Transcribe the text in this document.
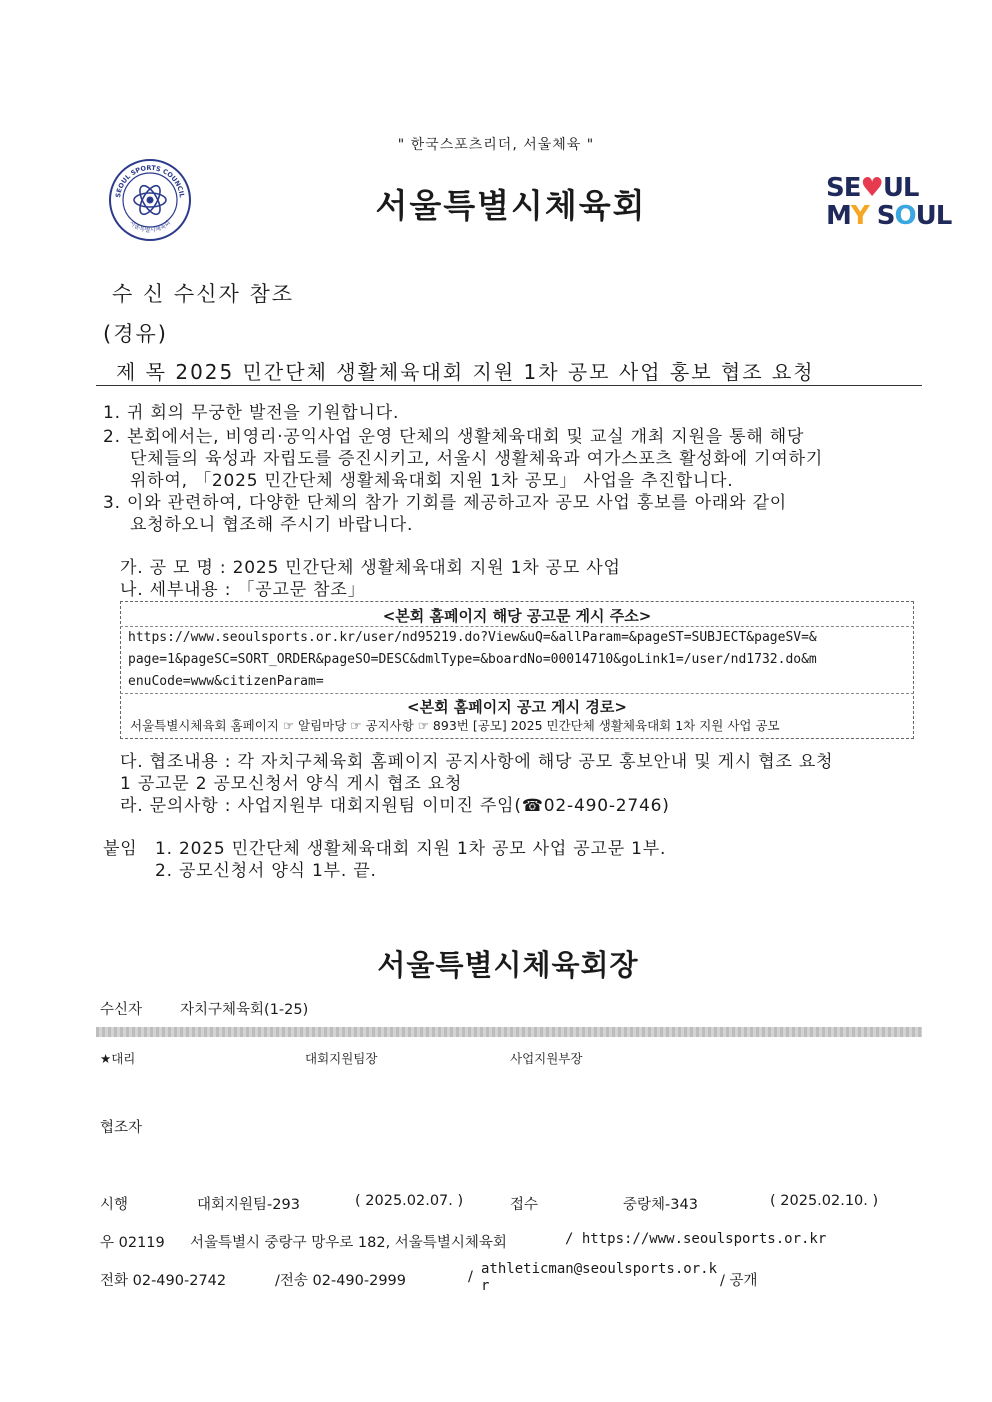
" 한국스포츠리더, 서울체육 "
SEOUL SPORTS COUNCIL
서울특별시체육회	서울특별시체육회	SE♥UL
MY SOUL
수 신 수신자 참조
(경유)
제 목 2025 민간단체 생활체육대회 지원 1차 공모 사업 홍보 협조 요청
1. 귀 회의 무궁한 발전을 기원합니다.
2. 본회에서는, 비영리·공익사업 운영 단체의 생활체육대회 및 교실 개최 지원을 통해 해당
단체들의 육성과 자립도를 증진시키고, 서울시 생활체육과 여가스포츠 활성화에 기여하기
위하여, 「2025 민간단체 생활체육대회 지원 1차 공모」 사업을 추진합니다.
3. 이와 관련하여, 다양한 단체의 참가 기회를 제공하고자 공모 사업 홍보를 아래와 같이
요청하오니 협조해 주시기 바랍니다.
가. 공 모 명 : 2025 민간단체 생활체육대회 지원 1차 공모 사업
나. 세부내용 : 「공고문 참조」
<본회 홈페이지 해당 공고문 게시 주소>
https://www.seoulsports.or.kr/user/nd95219.do?View&uQ=&allParam=&pageST=SUBJECT&pageSV=&
page=1&pageSC=SORT_ORDER&pageSO=DESC&dmlType=&boardNo=00014710&goLink1=/user/nd1732.do&m
enuCode=www&citizenParam=
<본회 홈페이지 공고 게시 경로>
서울특별시체육회 홈페이지 ☞ 알림마당 ☞ 공지사항 ☞ 893번 [공모] 2025 민간단체 생활체육대회 1차 지원 사업 공모
다. 협조내용 : 각 자치구체육회 홈페이지 공지사항에 해당 공모 홍보안내 및 게시 협조 요청
1 공고문 2 공모신청서 양식 게시 협조 요청
라. 문의사항 : 사업지원부 대회지원팀 이미진 주임(☎02-490-2746)
붙임 1. 2025 민간단체 생활체육대회 지원 1차 공모 사업 공고문 1부.
2. 공모신청서 양식 1부. 끝.
서울특별시체육회장
수신자	자치구체육회(1-25)
★대리	대회지원팀장	사업지원부장
협조자
시행	대회지원팀-293	( 2025.02.07. )	접수	중랑체-343	( 2025.02.10. )
우 02119 서울특별시 중랑구 망우로 182, 서울특별시체육회	/ https://www.seoulsports.or.kr
전화 02-490-2742	/전송 02-490-2999	/ athleticman@seoulsports.or.k
r	/ 공개
